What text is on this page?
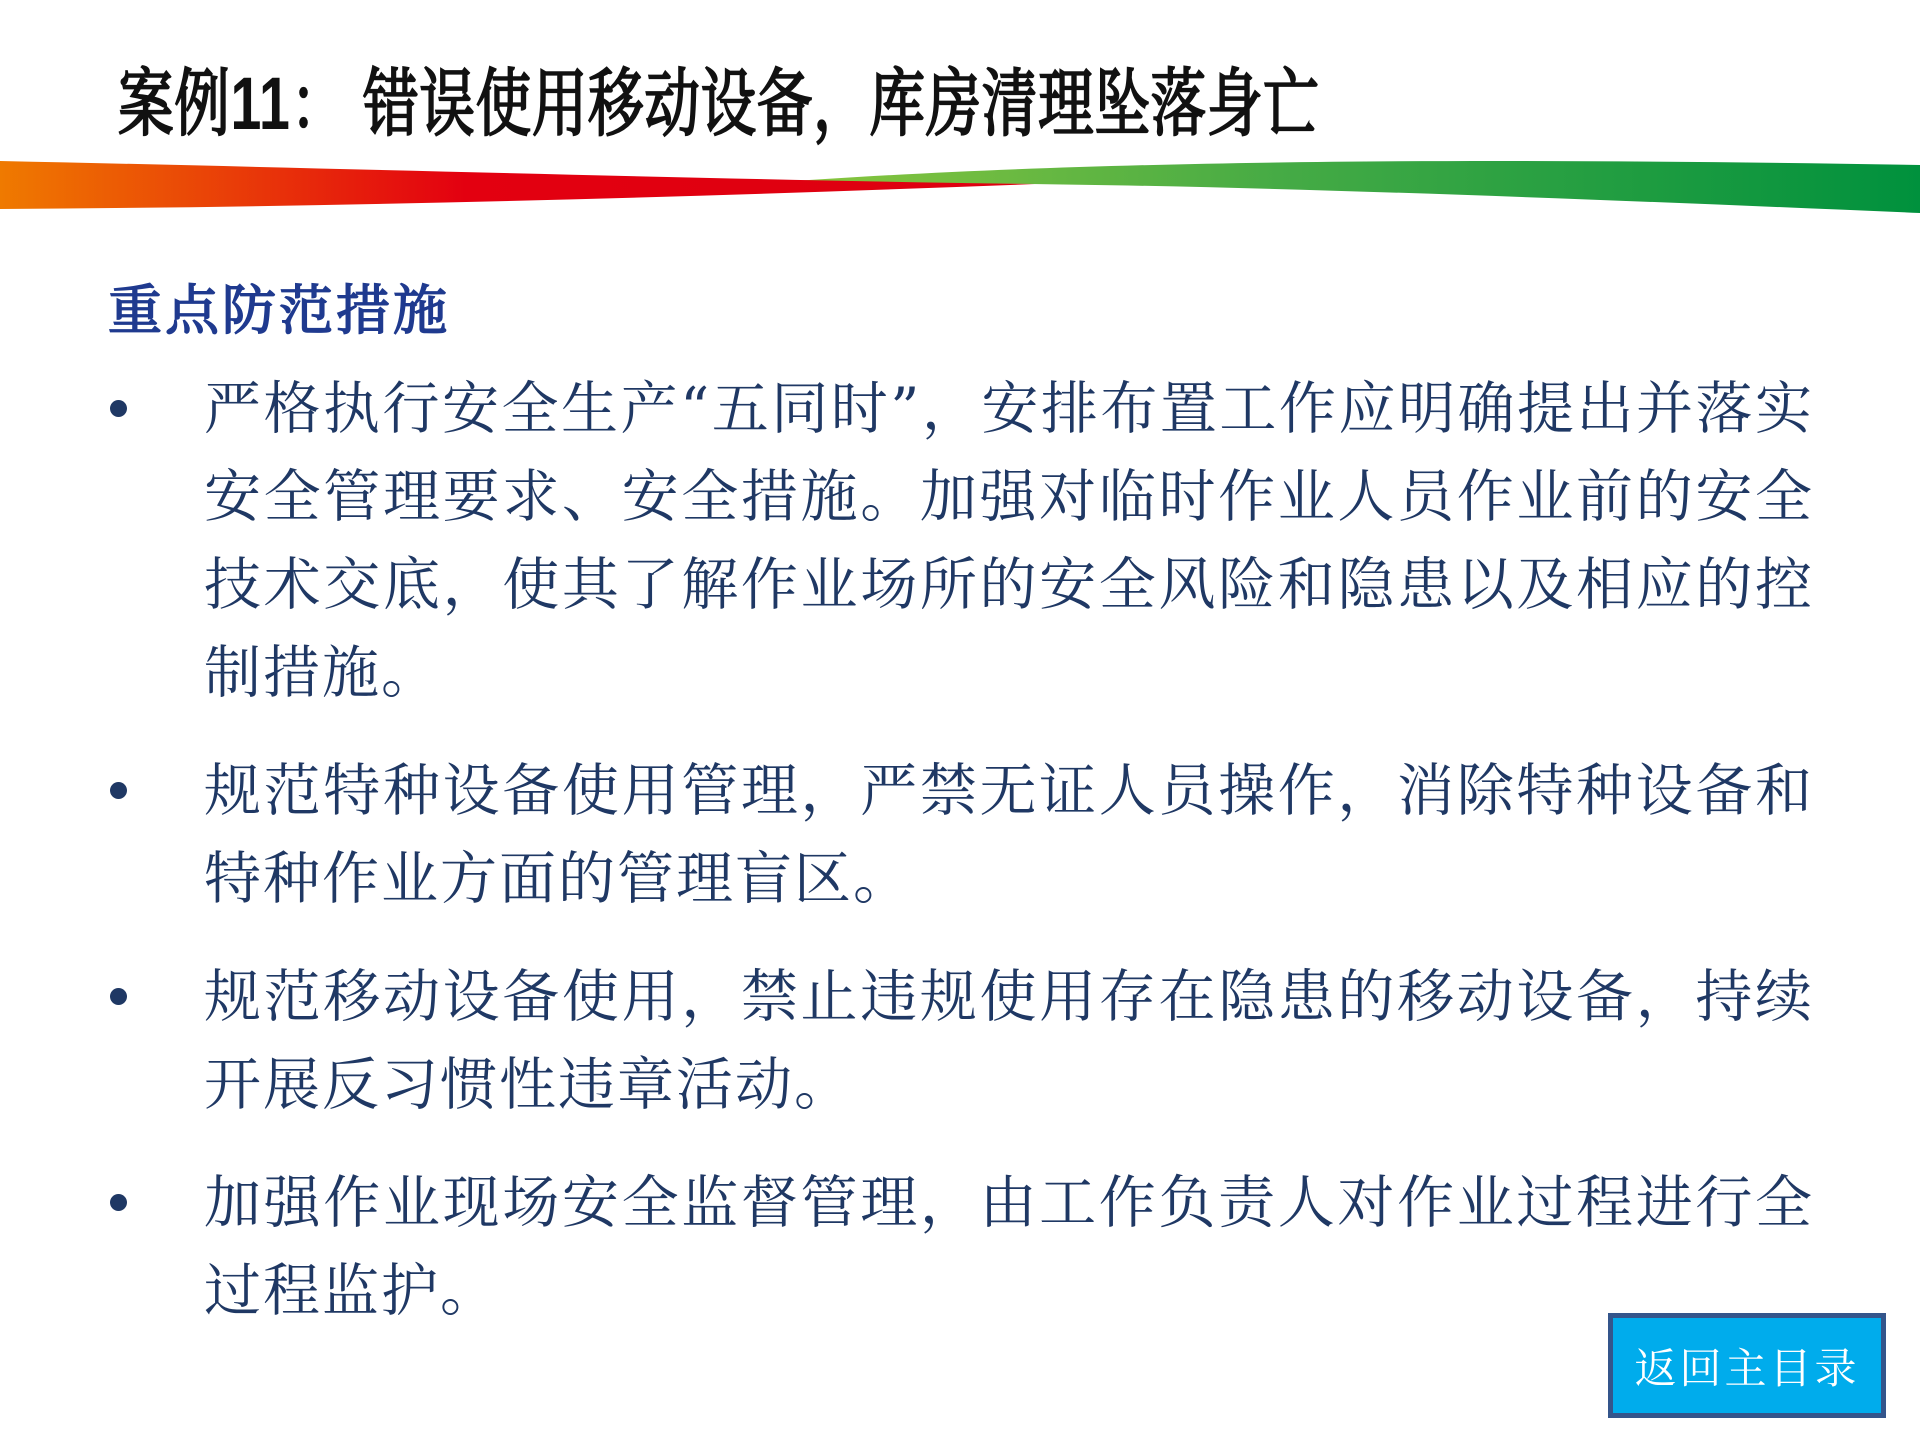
案例11： 错误使用移动设备，库房清理坠落身亡
重点防范措施
严格执行安全生产“五同时”，安排布置工作应明确提出并落实安全管理要求、安全措施。加强对临时作业人员作业前的安全技术交底，使其了解作业场所的安全风险和隐患以及相应的控制措施。
规范特种设备使用管理，严禁无证人员操作，消除特种设备和特种作业方面的管理盲区。
规范移动设备使用，禁止违规使用存在隐患的移动设备，持续开展反习惯性违章活动。
加强作业现场安全监督管理，由工作负责人对作业过程进行全过程监护。
返回主目录
